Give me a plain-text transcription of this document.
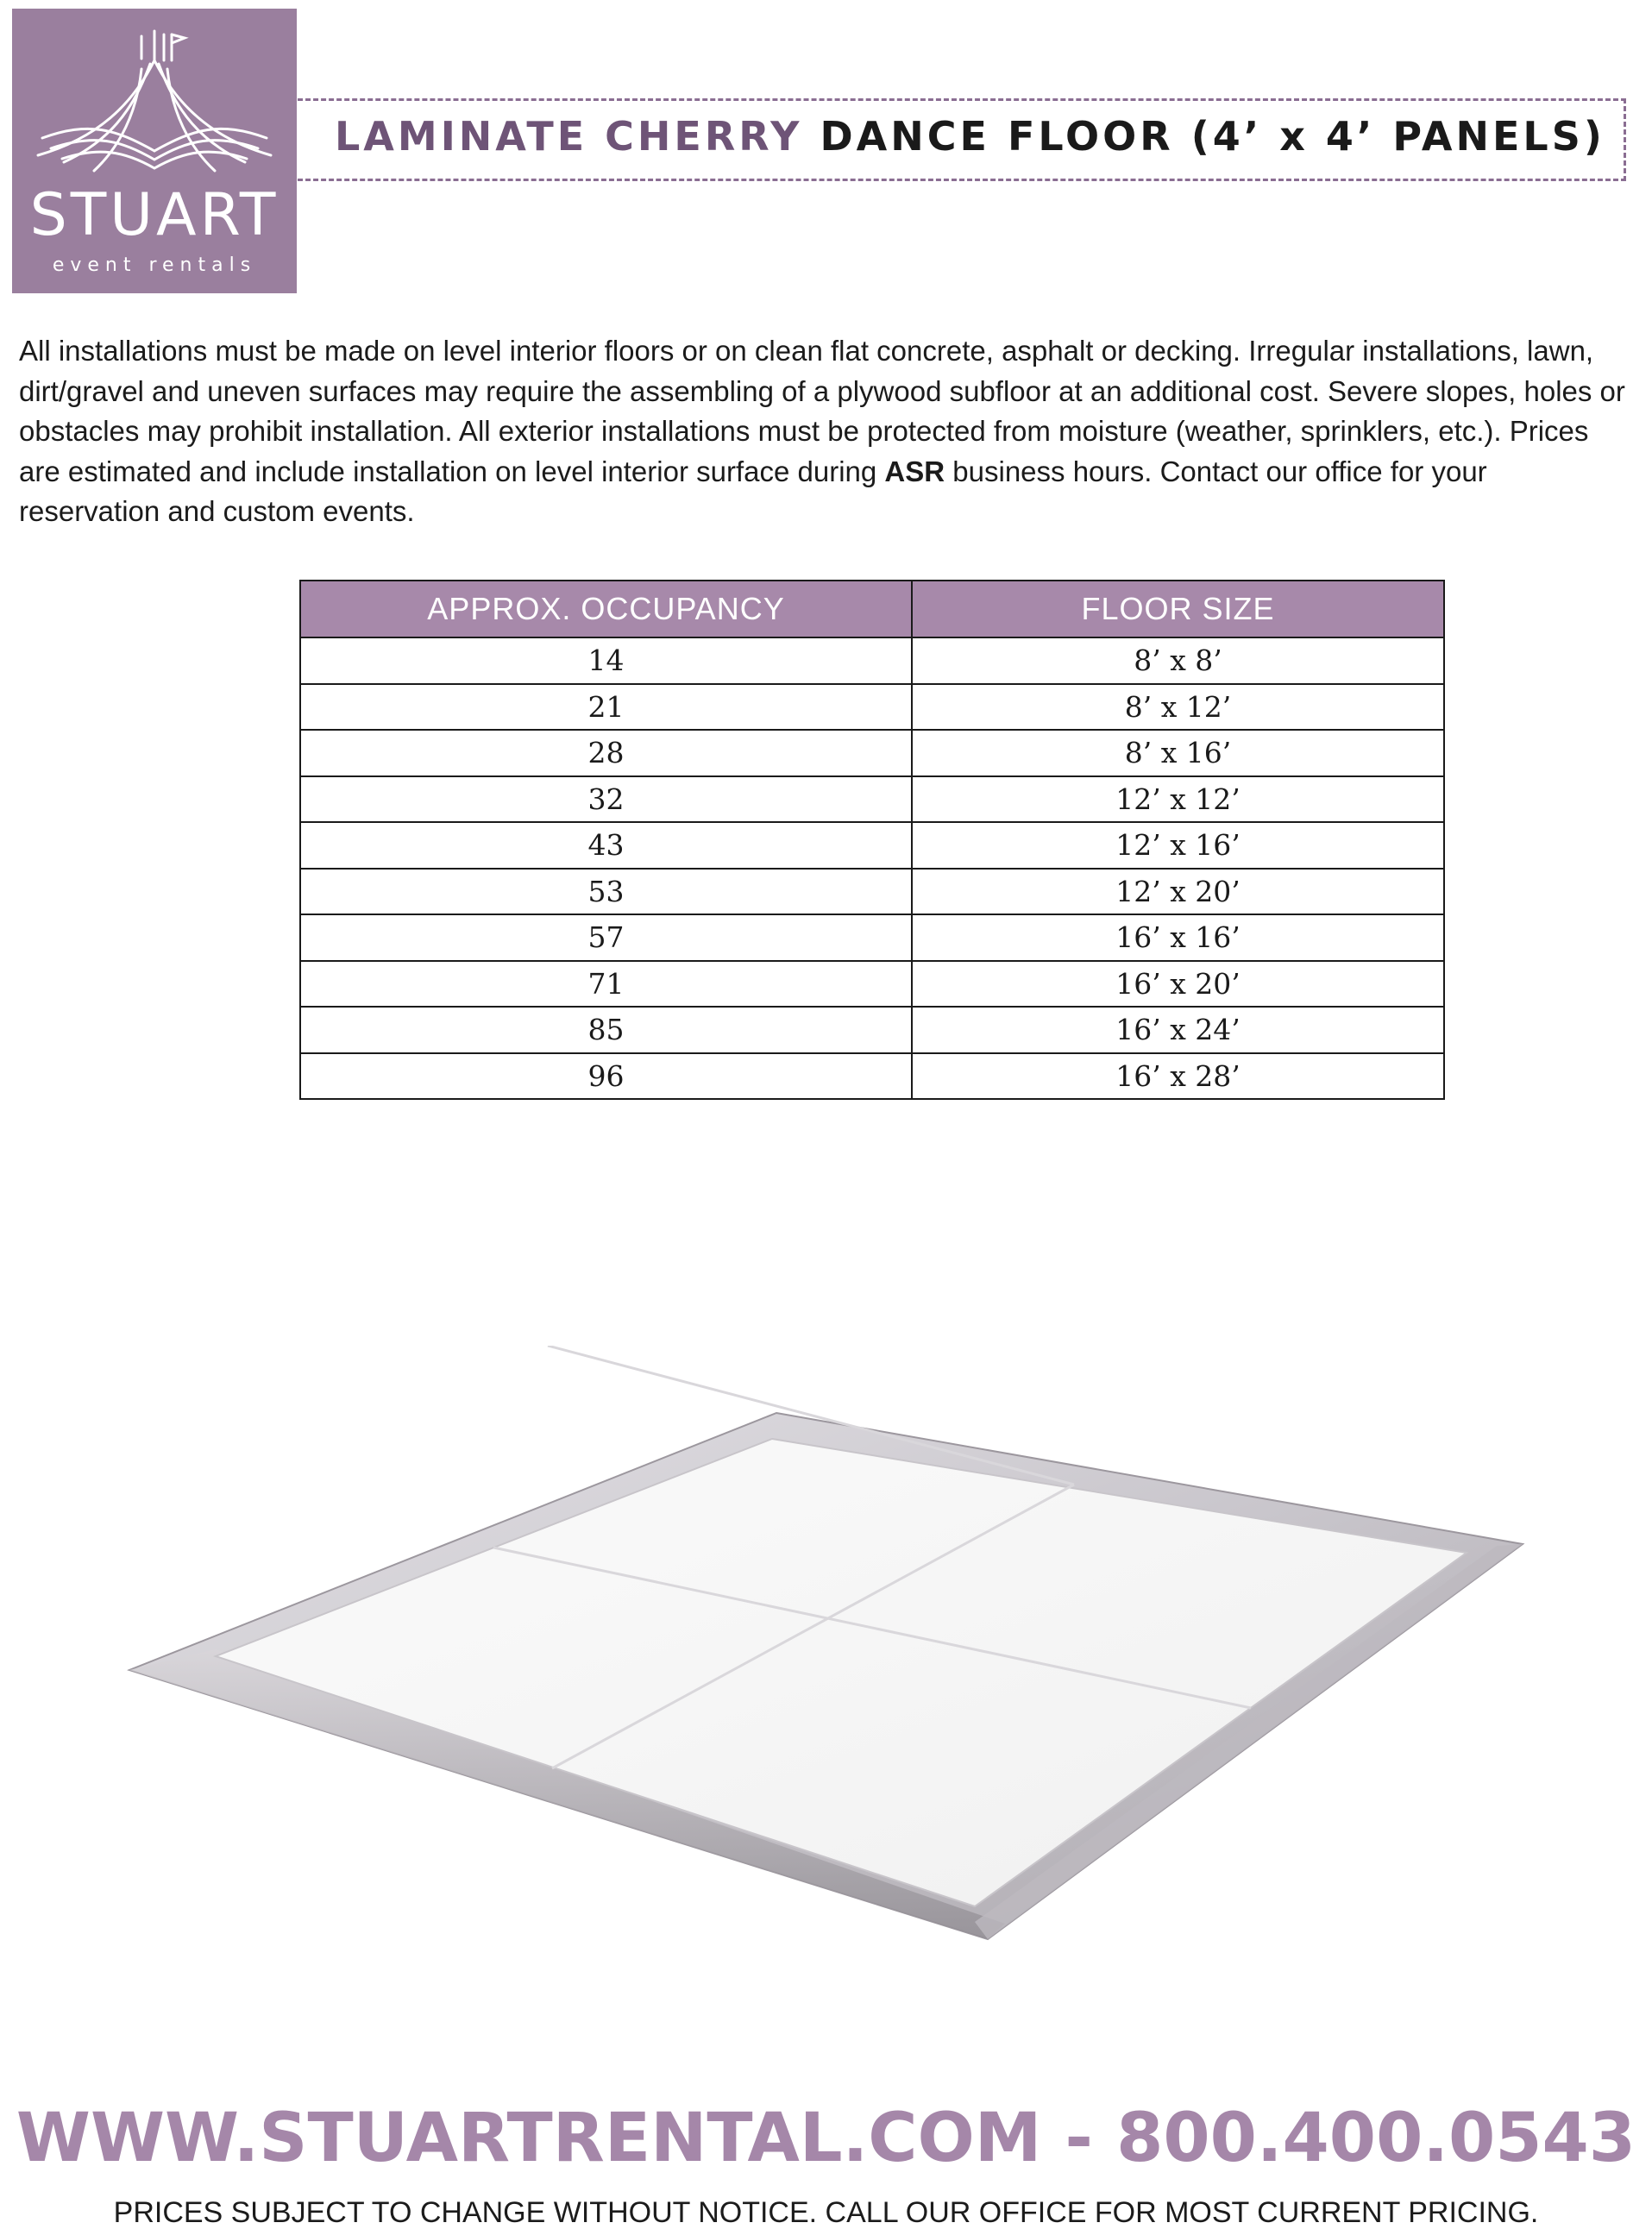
STUART
event rentals
LAMINATE CHERRY DANCE FLOOR (4’ x 4’ PANELS)

All installations must be made on level interior floors or on clean flat concrete, asphalt or decking. Irregular installations, lawn, dirt/gravel and uneven surfaces may require the assembling of a plywood subfloor at an additional cost. Severe slopes, holes or obstacles may prohibit installation. All exterior installations must be protected from moisture (weather, sprinklers, etc.). Prices are estimated and include installation on level interior surface during ASR business hours. Contact our office for your reservation and custom events.

APPROX. OCCUPANCY	FLOOR SIZE
14	8’ x 8’
21	8’ x 12’
28	8’ x 16’
32	12’ x 12’
43	12’ x 16’
53	12’ x 20’
57	16’ x 16’
71	16’ x 20’
85	16’ x 24’
96	16’ x 28’
WWW.STUARTRENTAL.COM - 800.400.0543
PRICES SUBJECT TO CHANGE WITHOUT NOTICE. CALL OUR OFFICE FOR MOST CURRENT PRICING.
